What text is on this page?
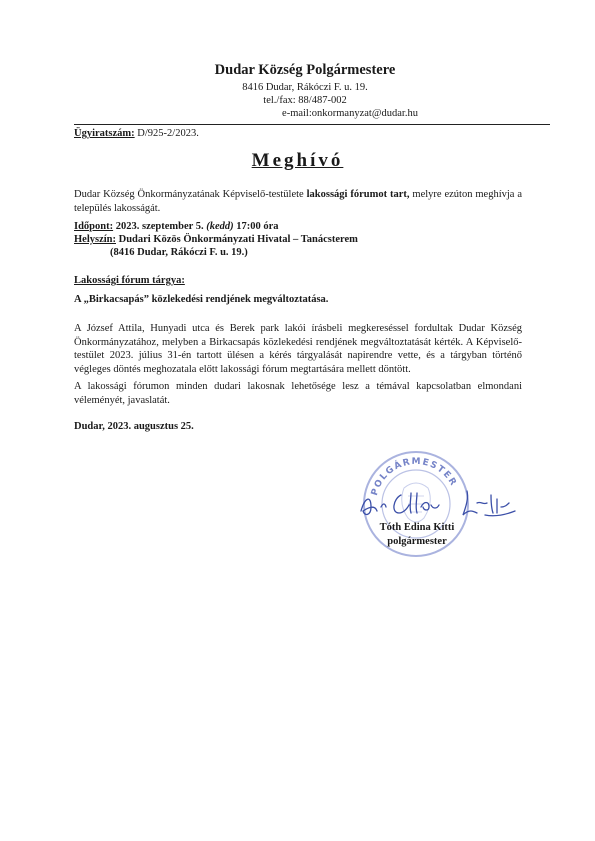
Dudar Község Polgármestere
8416 Dudar, Rákóczi F. u. 19.
tel./fax: 88/487-002
e-mail:onkormanyzat@dudar.hu
Ügyiratszám: D/925-2/2023.
Meghívó
Dudar Község Önkormányzatának Képviselő-testülete lakossági fórumot tart, melyre ezúton meghívja a település lakosságát.
Időpont: 2023. szeptember 5. (kedd) 17:00 óra
Helyszín: Dudari Közös Önkormányzati Hivatal – Tanácsterem
(8416 Dudar, Rákóczi F. u. 19.)
Lakossági fórum tárgya:
A „Birkacsapás” közlekedési rendjének megváltoztatása.
A József Attila, Hunyadi utca és Berek park lakói írásbeli megkereséssel fordultak Dudar Község Önkormányzatához, melyben a Birkacsapás közlekedési rendjének megváltoztatását kérték. A Képviselő-testület 2023. július 31-én tartott ülésen a kérés tárgyalását napirendre vette, és a tárgyban történő végleges döntés meghozatala előtt lakossági fórum megtartására mellett döntött.
A lakossági fórumon minden dudari lakosnak lehetősége lesz a témával kapcsolatban elmondani véleményét, javaslatát.
Dudar, 2023. augusztus 25.
POLGÁRMESTER
Tóth Edina Kitti
polgármester
